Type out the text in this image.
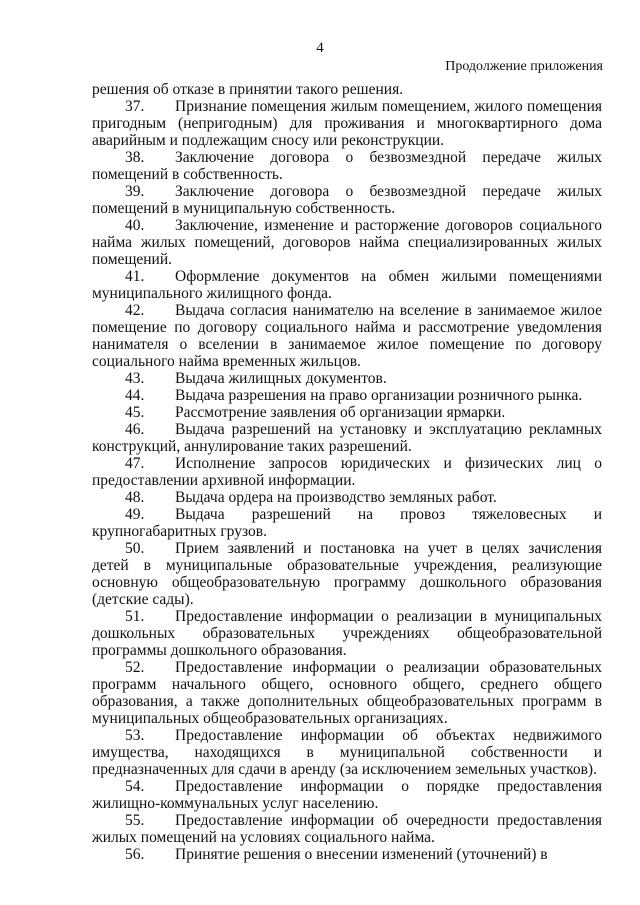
4
Продолжение приложения

решения об отказе в принятии такого решения.

37. Признание помещения жилым помещением, жилого помещения пригодным (непригодным) для проживания и многоквартирного дома аварийным и подлежащим сносу или реконструкции.

38. Заключение договора о безвозмездной передаче жилых помещений в собственность.

39. Заключение договора о безвозмездной передаче жилых помещений в муниципальную собственность.

40. Заключение, изменение и расторжение договоров социального найма жилых помещений, договоров найма специализированных жилых помещений.

41. Оформление документов на обмен жилыми помещениями муниципального жилищного фонда.

42. Выдача согласия нанимателю на вселение в занимаемое жилое помещение по договору социального найма и рассмотрение уведомления нанимателя о вселении в занимаемое жилое помещение по договору социального найма временных жильцов.

43. Выдача жилищных документов.

44. Выдача разрешения на право организации розничного рынка.

45. Рассмотрение заявления об организации ярмарки.

46. Выдача разрешений на установку и эксплуатацию рекламных конструкций, аннулирование таких разрешений.

47. Исполнение запросов юридических и физических лиц о предоставлении архивной информации.

48. Выдача ордера на производство земляных работ.

49. Выдача разрешений на провоз тяжеловесных и крупногабаритных грузов.

50. Прием заявлений и постановка на учет в целях зачисления детей в муниципальные образовательные учреждения, реализующие основную общеобразовательную программу дошкольного образования (детские сады).

51. Предоставление информации о реализации в муниципальных дошкольных образовательных учреждениях общеобразовательной программы дошкольного образования.

52. Предоставление информации о реализации образовательных программ начального общего, основного общего, среднего общего образования, а также дополнительных общеобразовательных программ в муниципальных общеобразовательных организациях.

53. Предоставление информации об объектах недвижимого имущества, находящихся в муниципальной собственности и предназначенных для сдачи в аренду (за исключением земельных участков).

54. Предоставление информации о порядке предоставления жилищно-коммунальных услуг населению.

55. Предоставление информации об очередности предоставления жилых помещений на условиях социального найма.

56. Принятие решения о внесении изменений (уточнений) в
